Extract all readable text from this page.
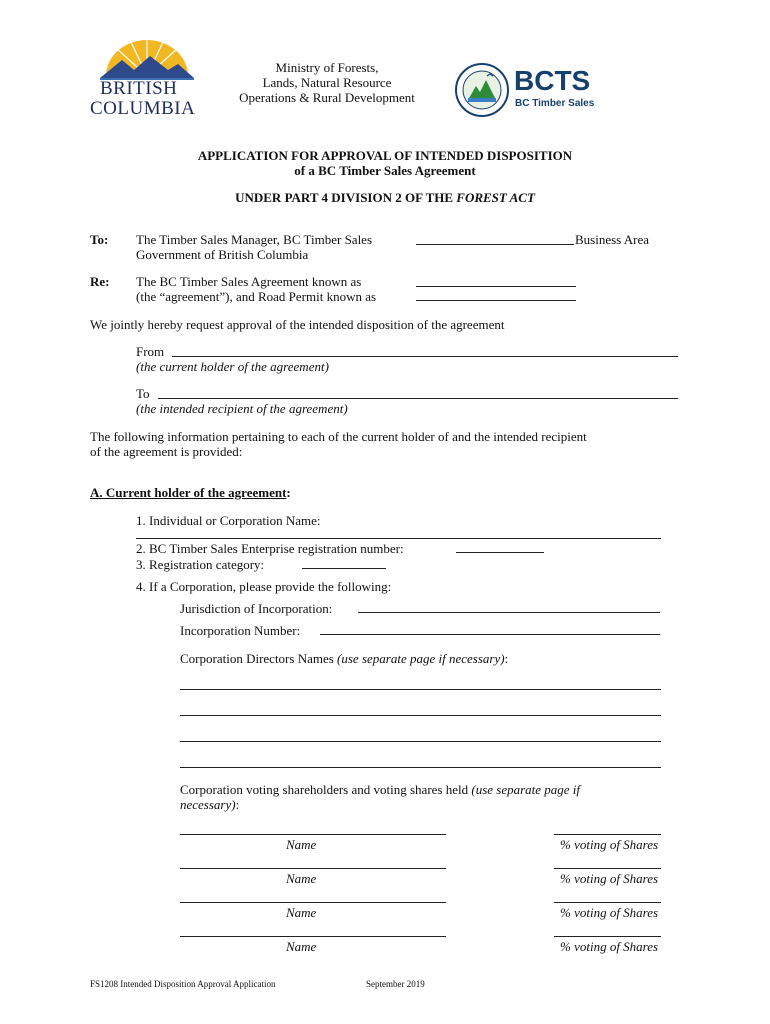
BRITISH
COLUMBIA
Ministry of Forests,
Lands, Natural Resource
Operations & Rural Development
BCTS
BC Timber Sales
APPLICATION FOR APPROVAL OF INTENDED DISPOSITION
of a BC Timber Sales Agreement
UNDER PART 4 DIVISION 2 OF THE FOREST ACT
To: The Timber Sales Manager, BC Timber Sales	Business Area
Government of British Columbia
Re: The BC Timber Sales Agreement known as
(the “agreement”), and Road Permit known as
We jointly hereby request approval of the intended disposition of the agreement
From
(the current holder of the agreement)
To
(the intended recipient of the agreement)
The following information pertaining to each of the current holder of and the intended recipient
of the agreement is provided:
A. Current holder of the agreement:
1. Individual or Corporation Name:
2. BC Timber Sales Enterprise registration number:
3. Registration category:
4. If a Corporation, please provide the following:
Jurisdiction of Incorporation:
Incorporation Number:
Corporation Directors Names (use separate page if necessary):
Corporation voting shareholders and voting shares held (use separate page if
necessary):
Name	% voting of Shares
Name	% voting of Shares
Name	% voting of Shares
Name	% voting of Shares
FS1208 Intended Disposition Approval Application	September 2019
